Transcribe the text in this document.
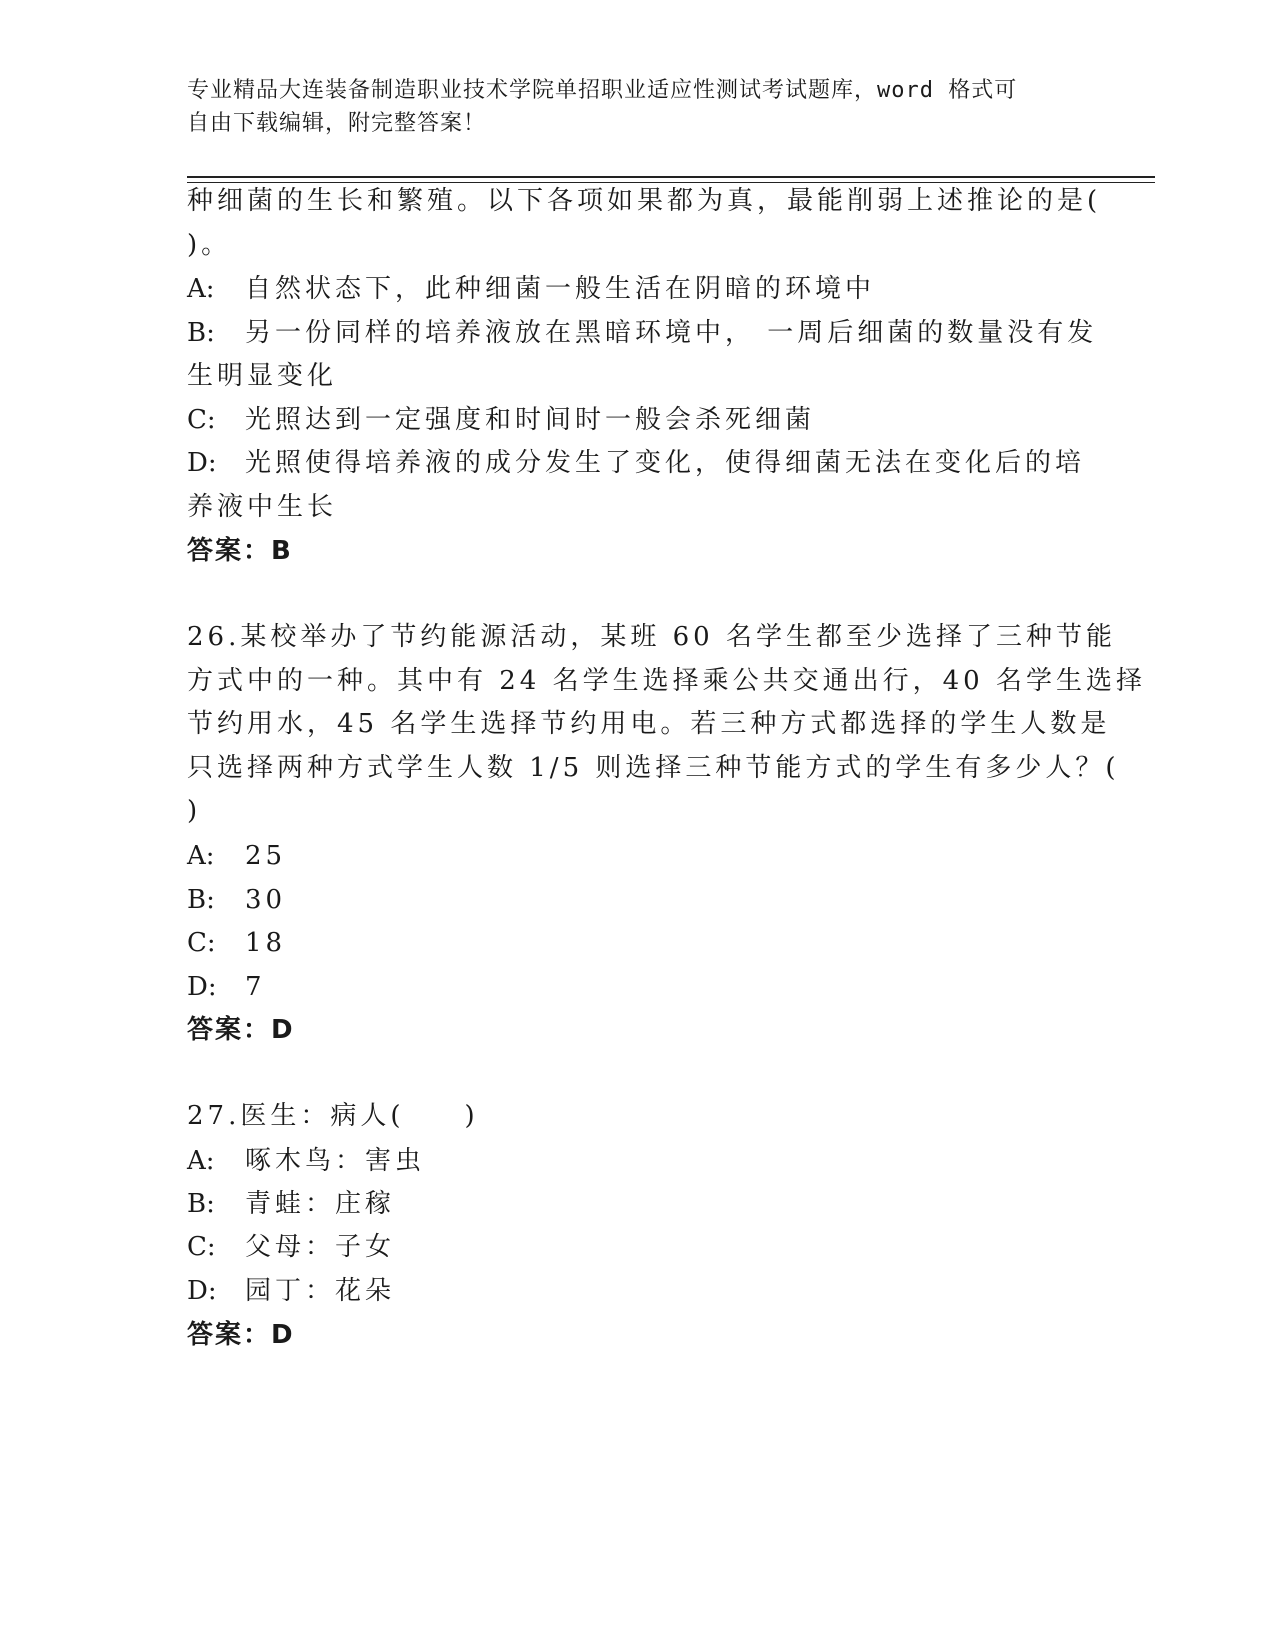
专业精品大连装备制造职业技术学院单招职业适应性测试考试题库，word 格式可
自由下载编辑，附完整答案！
种细菌的生长和繁殖。以下各项如果都为真，最能削弱上述推论的是(
)。
A: 自然状态下，此种细菌一般生活在阴暗的环境中
B: 另一份同样的培养液放在黑暗环境中， 一周后细菌的数量没有发
生明显变化
C: 光照达到一定强度和时间时一般会杀死细菌
D: 光照使得培养液的成分发生了变化，使得细菌无法在变化后的培
养液中生长
答案：B
26.某校举办了节约能源活动，某班 60 名学生都至少选择了三种节能
方式中的一种。其中有 24 名学生选择乘公共交通出行，40 名学生选择
节约用水，45 名学生选择节约用电。若三种方式都选择的学生人数是
只选择两种方式学生人数 1/5 则选择三种节能方式的学生有多少人？(
)
A: 25
B: 30
C: 18
D: 7
答案：D
27.医生：病人(　　)
A: 啄木鸟：害虫
B: 青蛙：庄稼
C: 父母：子女
D: 园丁：花朵
答案：D
